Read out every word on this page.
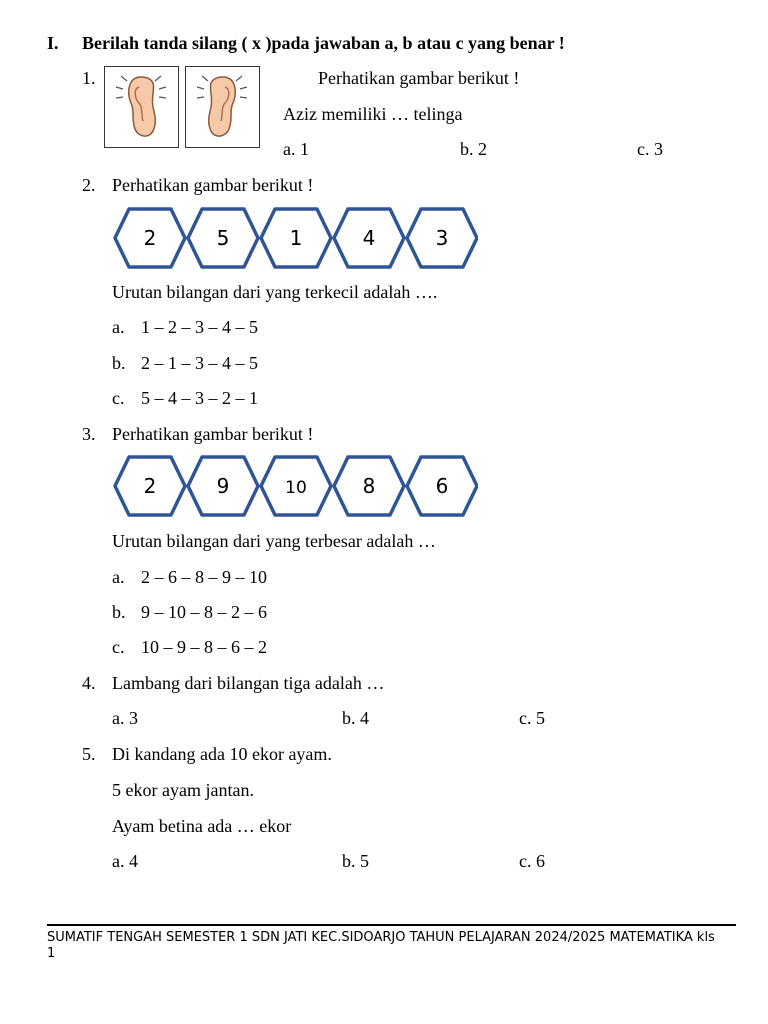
I. Berilah tanda silang ( x )pada jawaban a, b atau c yang benar !
1.	Perhatikan gambar berikut !
Aziz memiliki … telinga
a. 1	b. 2	c. 3
2. Perhatikan gambar berikut !
2	5	1	4	3
Urutan bilangan dari yang terkecil adalah ….
a. 1 – 2 – 3 – 4 – 5
b. 2 – 1 – 3 – 4 – 5
c. 5 – 4 – 3 – 2 – 1
3. Perhatikan gambar berikut !
2	9	10	8	6
Urutan bilangan dari yang terbesar adalah …
a. 2 – 6 – 8 – 9 – 10
b. 9 – 10 – 8 – 2 – 6
c. 10 – 9 – 8 – 6 – 2
4. Lambang dari bilangan tiga adalah …
a. 3	b. 4	c. 5
5. Di kandang ada 10 ekor ayam.
5 ekor ayam jantan.
Ayam betina ada … ekor
a. 4	b. 5	c. 6
SUMATIF TENGAH SEMESTER 1 SDN JATI KEC.SIDOARJO TAHUN PELAJARAN 2024/2025 MATEMATIKA kls 1
